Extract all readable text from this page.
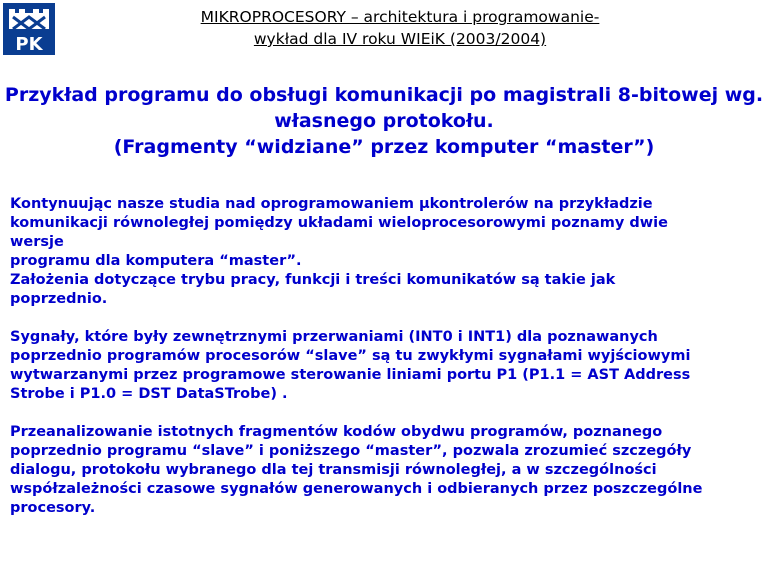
PK
MIKROPROCESORY – architektura i programowanie-
wykład dla IV roku WIEiK (2003/2004)
Przykład programu do obsługi komunikacji po magistrali 8-bitowej wg.
własnego protokołu.
(Fragmenty “widziane” przez komputer “master”)

Kontynuując nasze studia nad oprogramowaniem µkontrolerów na przykładzie
komunikacji równoległej pomiędzy układami wieloprocesorowymi poznamy dwie
wersje
programu dla komputera “master”.
Założenia dotyczące trybu pracy, funkcji i treści komunikatów są takie jak
poprzednio.

Sygnały, które były zewnętrznymi przerwaniami (INT0 i INT1) dla poznawanych
poprzednio programów procesorów “slave” są tu zwykłymi sygnałami wyjściowymi
wytwarzanymi przez programowe sterowanie liniami portu P1 (P1.1 = AST Address
Strobe i P1.0 = DST DataSTrobe) .

Przeanalizowanie istotnych fragmentów kodów obydwu programów, poznanego
poprzednio programu “slave” i poniższego “master”, pozwala zrozumieć szczegóły
dialogu, protokołu wybranego dla tej transmisji równoległej, a w szczególności
współzależności czasowe sygnałów generowanych i odbieranych przez poszczególne
procesory.
